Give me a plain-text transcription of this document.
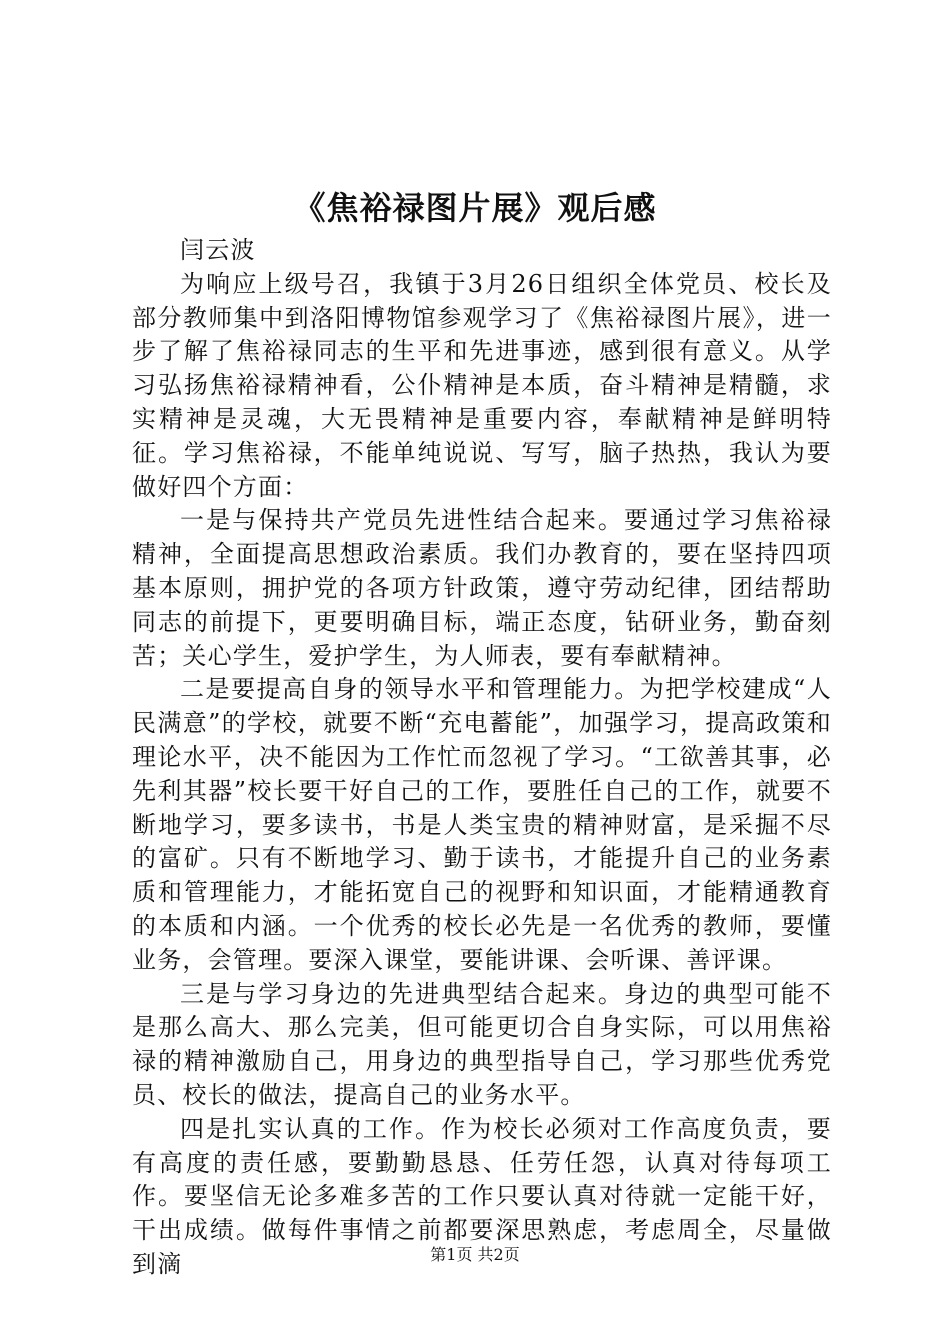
《焦裕禄图片展》观后感

闫云波

为响应上级号召，我镇于3月26日组织全体党员、校长及部分教师集中到洛阳博物馆参观学习了《焦裕禄图片展》，进一步了解了焦裕禄同志的生平和先进事迹，感到很有意义。从学习弘扬焦裕禄精神看，公仆精神是本质，奋斗精神是精髓，求实精神是灵魂，大无畏精神是重要内容，奉献精神是鲜明特征。学习焦裕禄，不能单纯说说、写写，脑子热热，我认为要做好四个方面：

一是与保持共产党员先进性结合起来。要通过学习焦裕禄精神，全面提高思想政治素质。我们办教育的，要在坚持四项基本原则，拥护党的各项方针政策，遵守劳动纪律，团结帮助同志的前提下，更要明确目标，端正态度，钻研业务，勤奋刻苦；关心学生，爱护学生，为人师表，要有奉献精神。

二是要提高自身的领导水平和管理能力。为把学校建成“人民满意”的学校，就要不断“充电蓄能”，加强学习，提高政策和理论水平，决不能因为工作忙而忽视了学习。“工欲善其事，必先利其器”校长要干好自己的工作，要胜任自己的工作，就要不断地学习，要多读书，书是人类宝贵的精神财富，是采掘不尽的富矿。只有不断地学习、勤于读书，才能提升自己的业务素质和管理能力，才能拓宽自己的视野和知识面，才能精通教育的本质和内涵。一个优秀的校长必先是一名优秀的教师，要懂业务，会管理。要深入课堂，要能讲课、会听课、善评课。

三是与学习身边的先进典型结合起来。身边的典型可能不是那么高大、那么完美，但可能更切合自身实际，可以用焦裕禄的精神激励自己，用身边的典型指导自己，学习那些优秀党员、校长的做法，提高自己的业务水平。

四是扎实认真的工作。作为校长必须对工作高度负责，要有高度的责任感，要勤勤恳恳、任劳任怨，认真对待每项工作。要坚信无论多难多苦的工作只要认真对待就一定能干好，干出成绩。做每件事情之前都要深思熟虑，考虑周全，尽量做到滴	第1页 共2页
